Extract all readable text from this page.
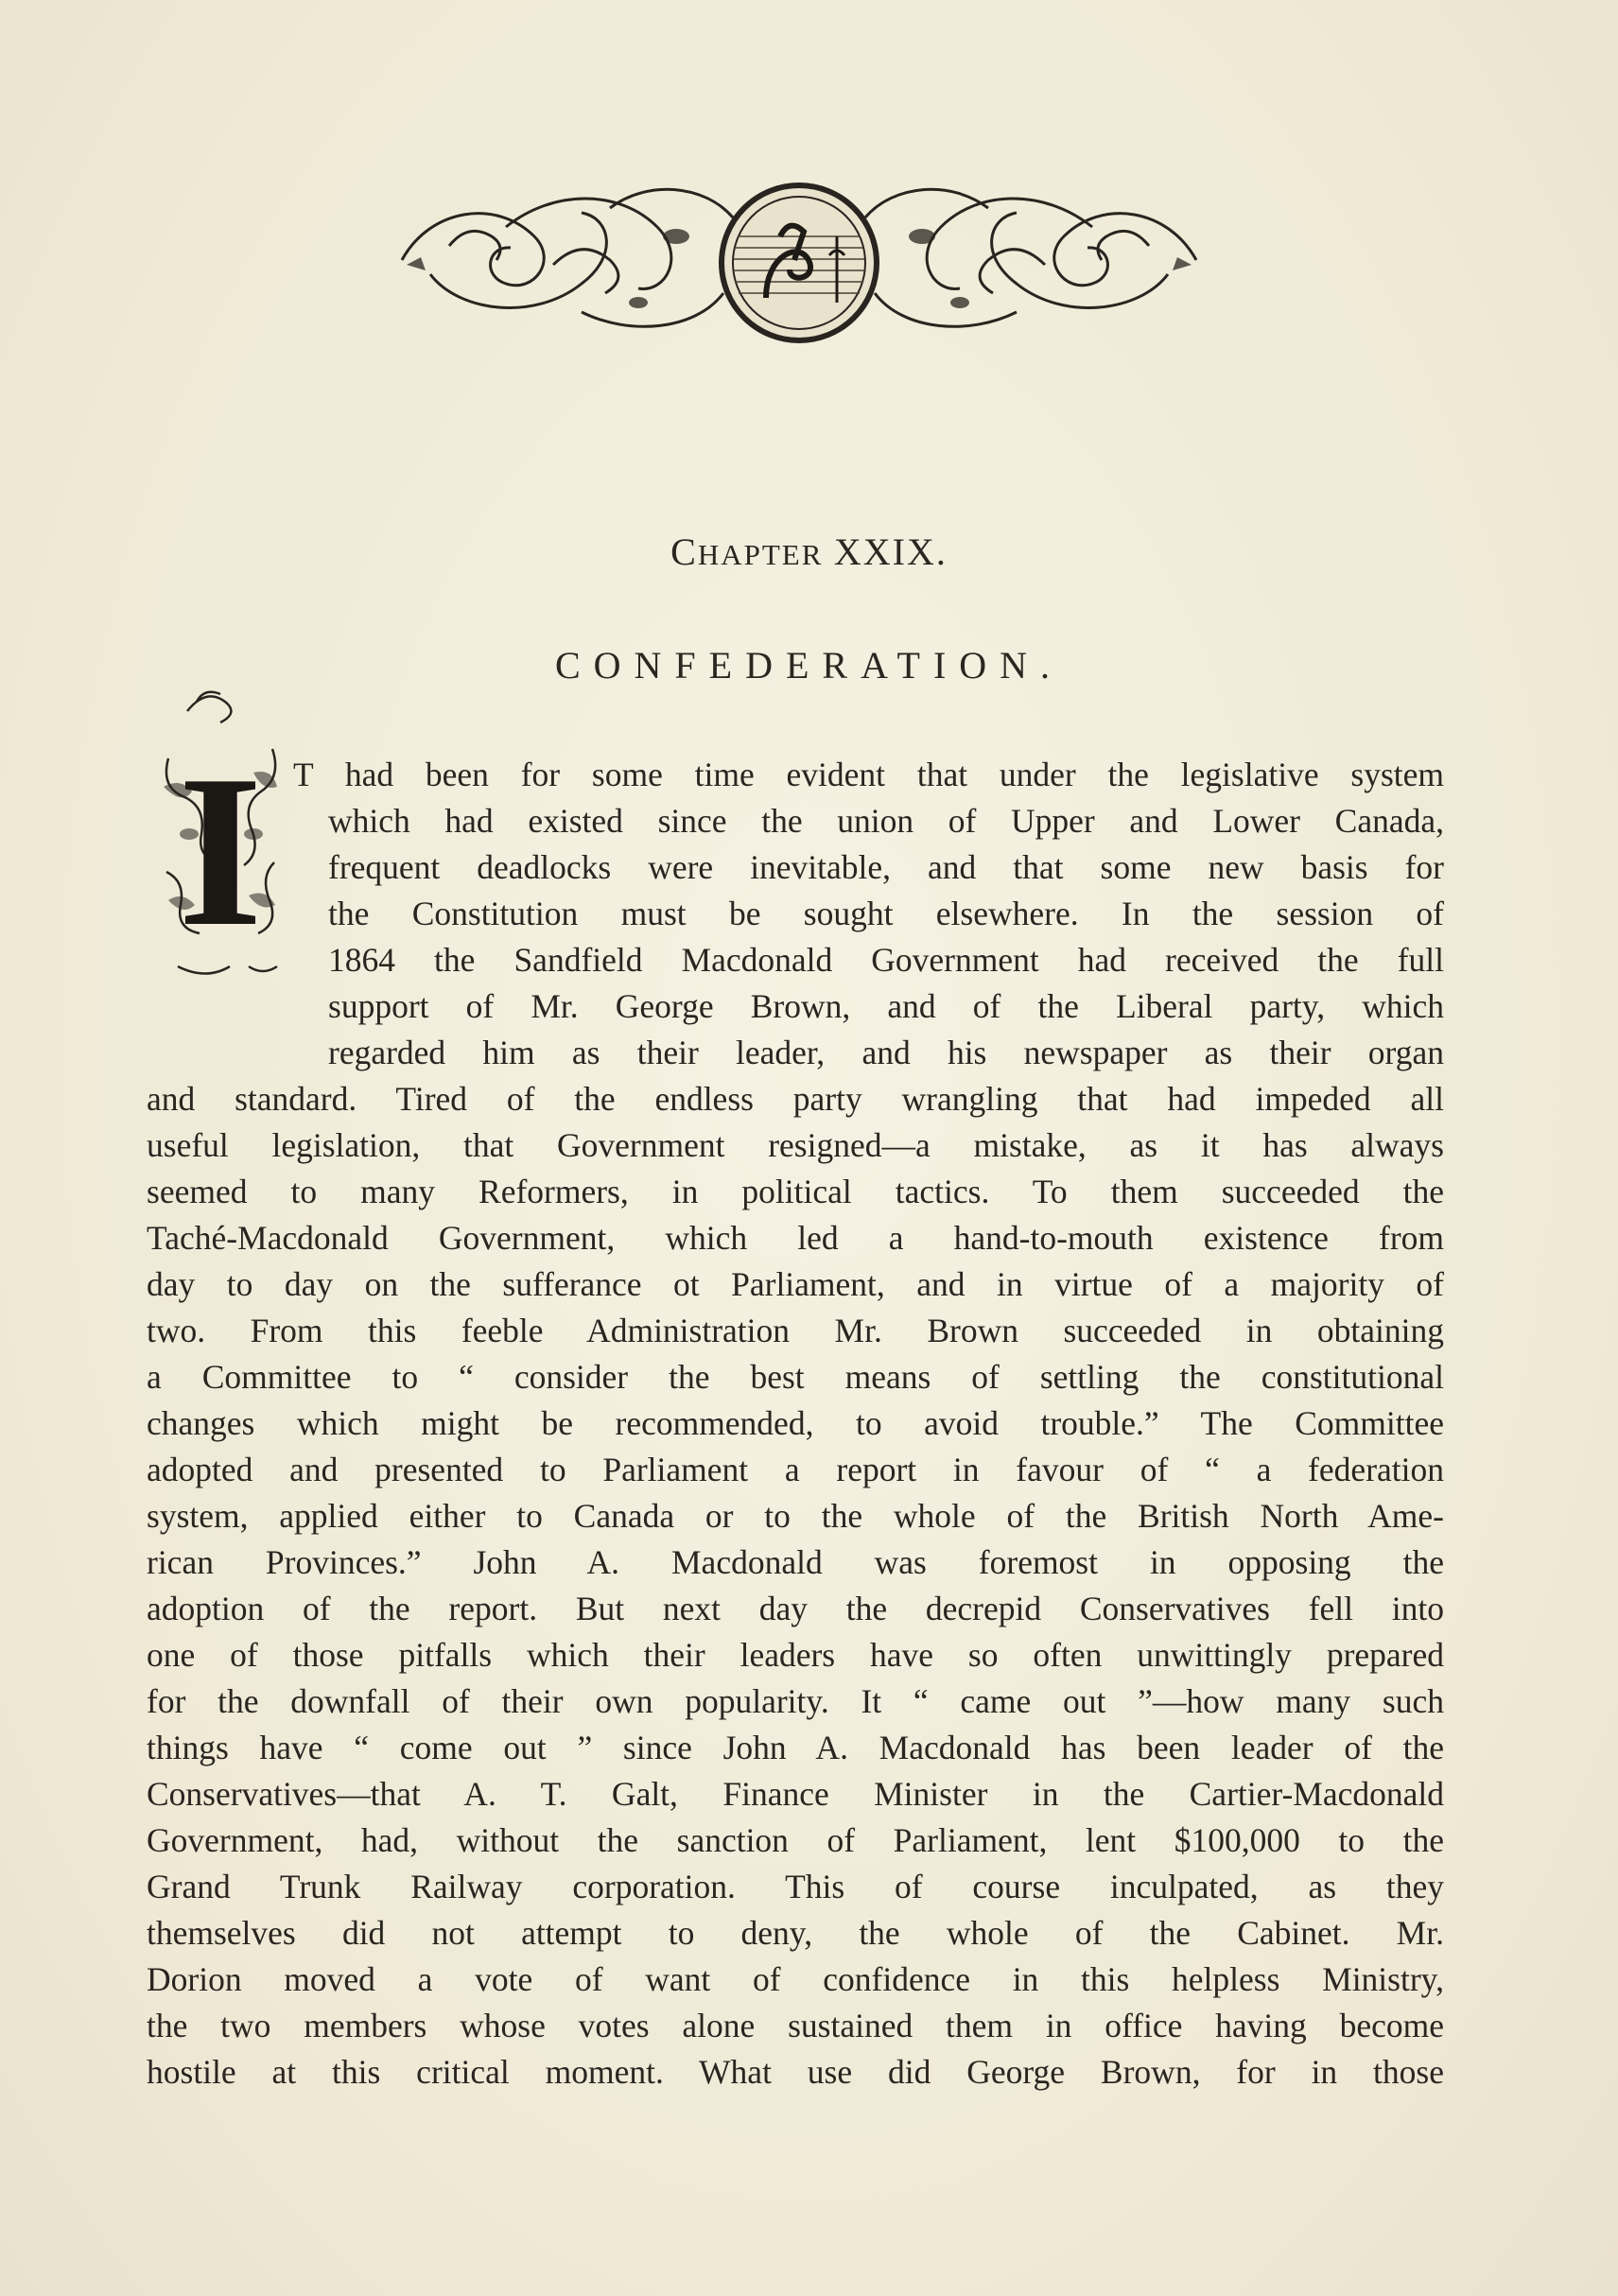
CHAPTER XXIX.
CONFEDERATION.
I T had been for some time evident that under the legislative system
which had existed since the union of Upper and Lower Canada,
frequent deadlocks were inevitable, and that some new basis for
the Constitution must be sought elsewhere. In the session of
1864 the Sandfield Macdonald Government had received the full
support of Mr. George Brown, and of the Liberal party, which
regarded him as their leader, and his newspaper as their organ
and standard. Tired of the endless party wrangling that had impeded all
useful legislation, that Government resigned—a mistake, as it has always
seemed to many Reformers, in political tactics. To them succeeded the
Taché-Macdonald Government, which led a hand-to-mouth existence from
day to day on the sufferance ot Parliament, and in virtue of a majority of
two. From this feeble Administration Mr. Brown succeeded in obtaining
a Committee to “ consider the best means of settling the constitutional
changes which might be recommended, to avoid trouble.” The Committee
adopted and presented to Parliament a report in favour of “ a federation
system, applied either to Canada or to the whole of the British North Ame-
rican Provinces.” John A. Macdonald was foremost in opposing the
adoption of the report. But next day the decrepid Conservatives fell into
one of those pitfalls which their leaders have so often unwittingly prepared
for the downfall of their own popularity. It “ came out ”—how many such
things have “ come out ” since John A. Macdonald has been leader of the
Conservatives—that A. T. Galt, Finance Minister in the Cartier-Macdonald
Government, had, without the sanction of Parliament, lent $100,000 to the
Grand Trunk Railway corporation. This of course inculpated, as they
themselves did not attempt to deny, the whole of the Cabinet. Mr.
Dorion moved a vote of want of confidence in this helpless Ministry,
the two members whose votes alone sustained them in office having become
hostile at this critical moment. What use did George Brown, for in those
